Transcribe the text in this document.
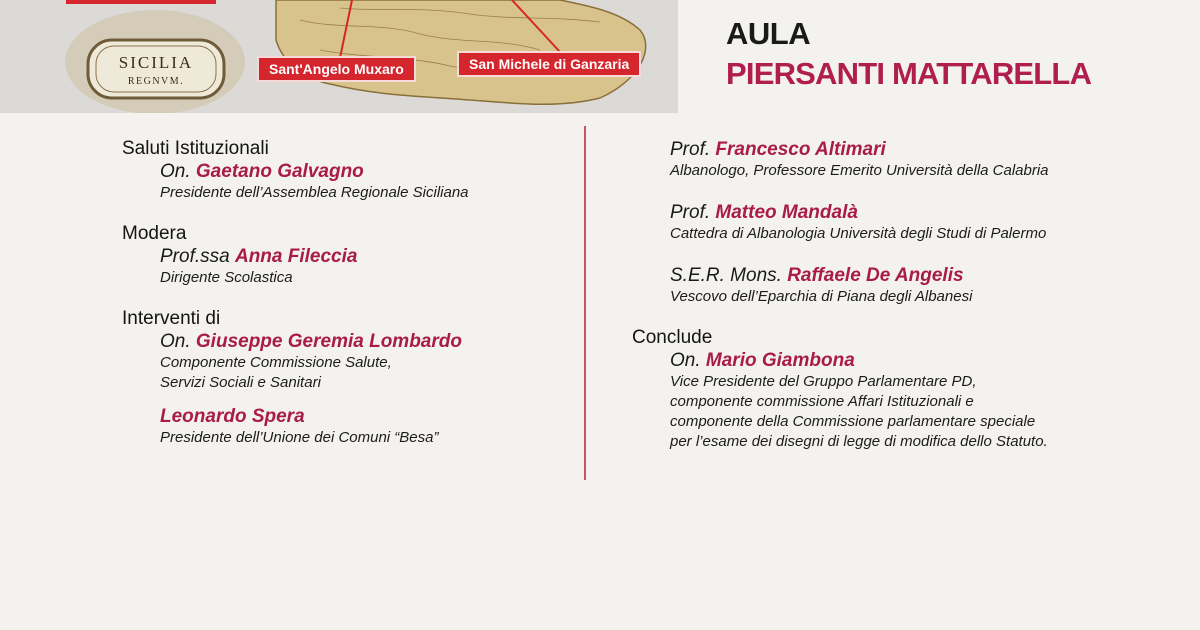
SICILIA
REGNVM.
Sant'Angelo Muxaro	San Michele di Ganzaria
AULA
PIERSANTI MATTARELLA
Saluti Istituzionali
On. Gaetano Galvagno
Presidente dell’Assemblea Regionale Siciliana
Modera
Prof.ssa Anna Fileccia
Dirigente Scolastica
Interventi di
On. Giuseppe Geremia Lombardo
Componente Commissione Salute,
Servizi Sociali e Sanitari
Leonardo Spera
Presidente dell’Unione dei Comuni “Besa”
Prof. Francesco Altimari
Albanologo, Professore Emerito Università della Calabria
Prof. Matteo Mandalà
Cattedra di Albanologia Università degli Studi di Palermo
S.E.R. Mons. Raffaele De Angelis
Vescovo dell’Eparchia di Piana degli Albanesi
Conclude
On. Mario Giambona
Vice Presidente del Gruppo Parlamentare PD,
componente commissione Affari Istituzionali e
componente della Commissione parlamentare speciale
per l’esame dei disegni di legge di modifica dello Statuto.
